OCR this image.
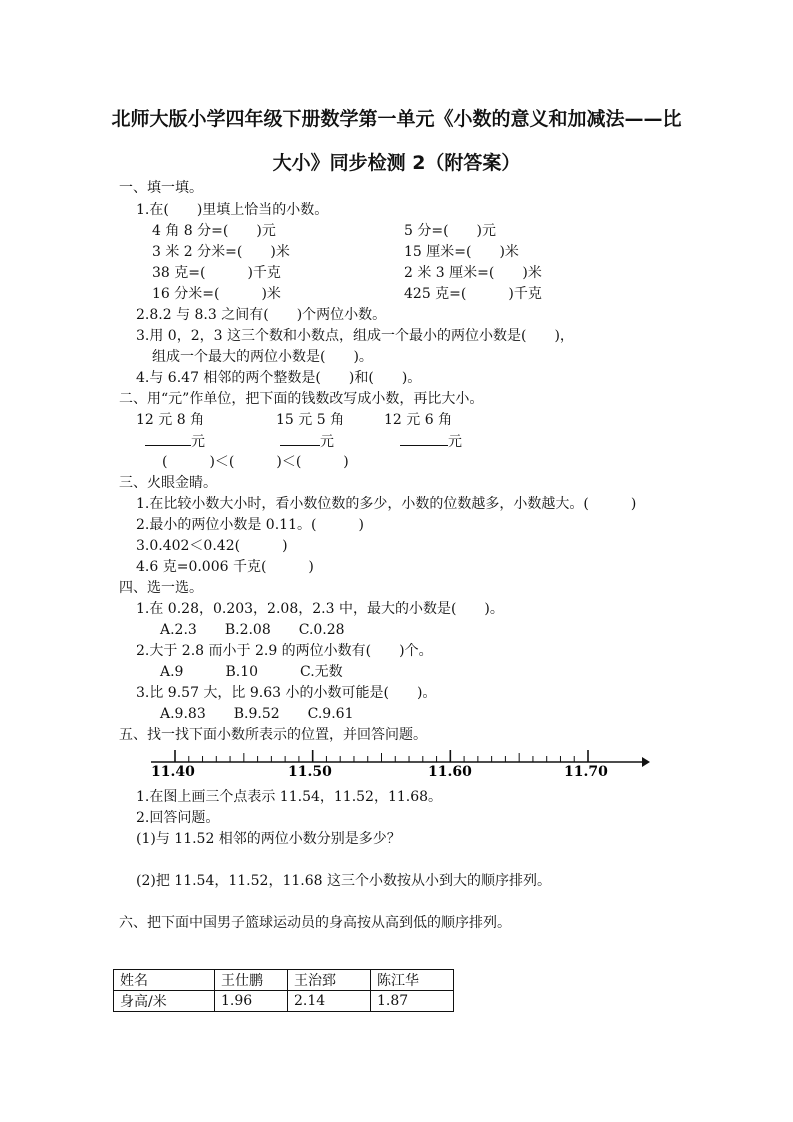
北师大版小学四年级下册数学第一单元《小数的意义和加减法——比
大小》同步检测 2（附答案）
一、填一填。
1.在(　　)里填上恰当的小数。
4 角 8 分=(　　)元	5 分=(　　)元
3 米 2 分米=(　　)米	15 厘米=(　　)米
38 克=(　　　)千克	2 米 3 厘米=(　　)米
16 分米=(　　　)米	425 克=(　　　)千克
2.8.2 与 8.3 之间有(　　)个两位小数。
3.用 0，2，3 这三个数和小数点，组成一个最小的两位小数是(　　)，
组成一个最大的两位小数是(　　)。
4.与 6.47 相邻的两个整数是(　　)和(　　)。
二、用“元”作单位，把下面的钱数改写成小数，再比大小。
12 元 8 角	15 元 5 角	12 元 6 角
元	元	元
(　　　)＜(　　　)＜(　　　)
三、火眼金睛。
1.在比较小数大小时，看小数位数的多少，小数的位数越多，小数越大。(　　　)
2.最小的两位小数是 0.11。(　　　)
3.0.402＜0.42(　　　)
4.6 克=0.006 千克(　　　)
四、选一选。
1.在 0.28，0.203，2.08，2.3 中，最大的小数是(　　)。
A.2.3　　B.2.08　　C.0.28
2.大于 2.8 而小于 2.9 的两位小数有(　　)个。
A.9　　　B.10　　　C.无数
3.比 9.57 大，比 9.63 小的小数可能是(　　)。
A.9.83　　B.9.52　　C.9.61
五、找一找下面小数所表示的位置，并回答问题。
11.40	11.50	11.60	11.70
1.在图上画三个点表示 11.54，11.52，11.68。
2.回答问题。
(1)与 11.52 相邻的两位小数分别是多少？
(2)把 11.54，11.52，11.68 这三个小数按从小到大的顺序排列。
六、把下面中国男子篮球运动员的身高按从高到低的顺序排列。
姓名	王仕鹏	王治郅	陈江华
身高/米	1.96	2.14	1.87
